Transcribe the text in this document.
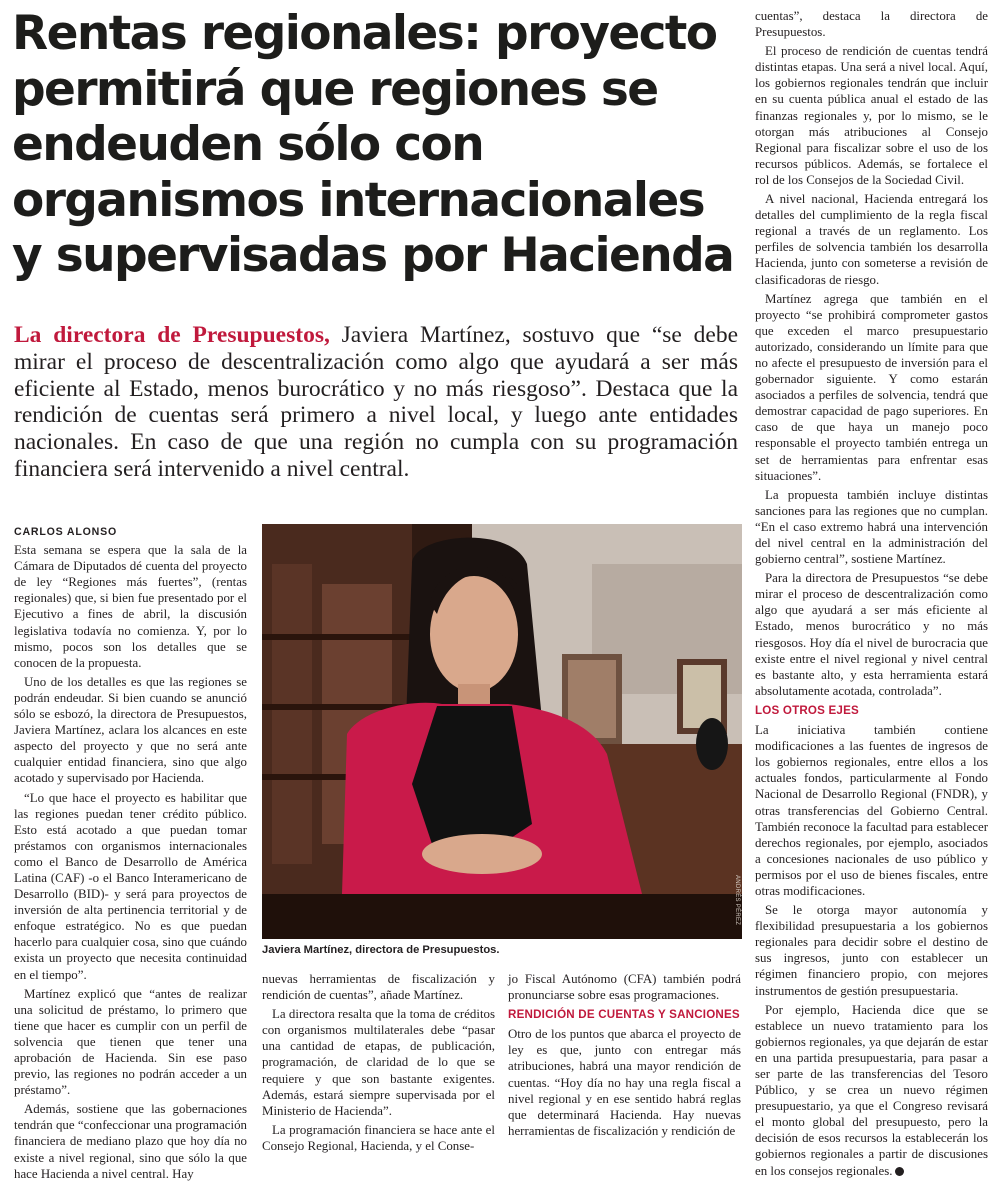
Rentas regionales: proyecto permitirá que regiones se endeuden sólo con organismos internacionales y supervisadas por Hacienda

La directora de Presupuestos, Javiera Martínez, sostuvo que “se debe mirar el proceso de descentralización como algo que ayudará a ser más eficiente al Estado, menos burocrático y no más riesgoso”. Destaca que la rendición de cuentas será primero a nivel local, y luego ante entidades nacionales. En caso de que una región no cumpla con su programación financiera será intervenido a nivel central.

CARLOS ALONSO

Esta semana se espera que la sala de la Cámara de Diputados dé cuenta del proyecto de ley “Regiones más fuertes”, (rentas regionales) que, si bien fue presentado por el Ejecutivo a fines de abril, la discusión legislativa todavía no comienza. Y, por lo mismo, pocos son los detalles que se conocen de la propuesta.

Uno de los detalles es que las regiones se podrán endeudar. Si bien cuando se anunció sólo se esbozó, la directora de Presupuestos, Javiera Martínez, aclara los alcances en este aspecto del proyecto y que no será ante cualquier entidad financiera, sino que algo acotado y supervisado por Hacienda.

“Lo que hace el proyecto es habilitar que las regiones puedan tener crédito público. Esto está acotado a que puedan tomar préstamos con organismos internacionales como el Banco de Desarrollo de América Latina (CAF) -o el Banco Interamericano de Desarrollo (BID)- y será para proyectos de inversión de alta pertinencia territorial y de enfoque estratégico. No es que puedan hacerlo para cualquier cosa, sino que cuándo exista un proyecto que necesita continuidad en el tiempo”.

Martínez explicó que “antes de realizar una solicitud de préstamo, lo primero que tiene que hacer es cumplir con un perfil de solvencia que tienen que tener una aprobación de Hacienda. Sin ese paso previo, las regiones no podrán acceder a un préstamo”.

Además, sostiene que las gobernaciones tendrán que “confeccionar una programación financiera de mediano plazo que hoy día no existe a nivel regional, sino que sólo la que hace Hacienda a nivel central. Hay

ANDRÉS PÉREZ
Javiera Martínez, directora de Presupuestos.

nuevas herramientas de fiscalización y rendición de cuentas”, añade Martínez.

La directora resalta que la toma de créditos con organismos multilaterales debe “pasar una cantidad de etapas, de publicación, programación, de claridad de lo que se requiere y que son bastante exigentes. Además, estará siempre supervisada por el Ministerio de Hacienda”.

La programación financiera se hace ante el Consejo Regional, Hacienda, y el Conse-

jo Fiscal Autónomo (CFA) también podrá pronunciarse sobre esas programaciones.

RENDICIÓN DE CUENTAS Y SANCIONES

Otro de los puntos que abarca el proyecto de ley es que, junto con entregar más atribuciones, habrá una mayor rendición de cuentas. “Hoy día no hay una regla fiscal a nivel regional y en ese sentido habrá reglas que determinará Hacienda. Hay nuevas herramientas de fiscalización y rendición de

cuentas”, destaca la directora de Presupuestos.

El proceso de rendición de cuentas tendrá distintas etapas. Una será a nivel local. Aquí, los gobiernos regionales tendrán que incluir en su cuenta pública anual el estado de las finanzas regionales y, por lo mismo, se le otorgan más atribuciones al Consejo Regional para fiscalizar sobre el uso de los recursos públicos. Además, se fortalece el rol de los Consejos de la Sociedad Civil.

A nivel nacional, Hacienda entregará los detalles del cumplimiento de la regla fiscal regional a través de un reglamento. Los perfiles de solvencia también los desarrolla Hacienda, junto con someterse a revisión de clasificadoras de riesgo.

Martínez agrega que también en el proyecto “se prohibirá comprometer gastos que exceden el marco presupuestario autorizado, considerando un límite para que no afecte el presupuesto de inversión para el gobernador siguiente. Y como estarán asociados a perfiles de solvencia, tendrá que demostrar capacidad de pago superiores. En caso de que haya un manejo poco responsable el proyecto también entrega un set de herramientas para enfrentar esas situaciones”.

La propuesta también incluye distintas sanciones para las regiones que no cumplan. “En el caso extremo habrá una intervención del nivel central en la administración del gobierno central”, sostiene Martínez.

Para la directora de Presupuestos “se debe mirar el proceso de descentralización como algo que ayudará a ser más eficiente al Estado, menos burocrático y no más riesgosos. Hoy día el nivel de burocracia que existe entre el nivel regional y nivel central es bastante alto, y esta herramienta estará absolutamente acotada, controlada”.

LOS OTROS EJES

La iniciativa también contiene modificaciones a las fuentes de ingresos de los gobiernos regionales, entre ellos a los actuales fondos, particularmente al Fondo Nacional de Desarrollo Regional (FNDR), y otras transferencias del Gobierno Central. También reconoce la facultad para establecer derechos regionales, por ejemplo, asociados a concesiones nacionales de uso público y permisos por el uso de bienes fiscales, entre otras modificaciones.

Se le otorga mayor autonomía y flexibilidad presupuestaria a los gobiernos regionales para decidir sobre el destino de sus ingresos, junto con establecer un régimen financiero propio, con mejores instrumentos de gestión presupuestaria.

Por ejemplo, Hacienda dice que se establece un nuevo tratamiento para los gobiernos regionales, ya que dejarán de estar en una partida presupuestaria, para pasar a ser parte de las transferencias del Tesoro Público, y se crea un nuevo régimen presupuestario, ya que el Congreso revisará el monto global del presupuesto, pero la decisión de esos recursos la establecerán los gobiernos regionales a partir de discusiones en los consejos regionales.
